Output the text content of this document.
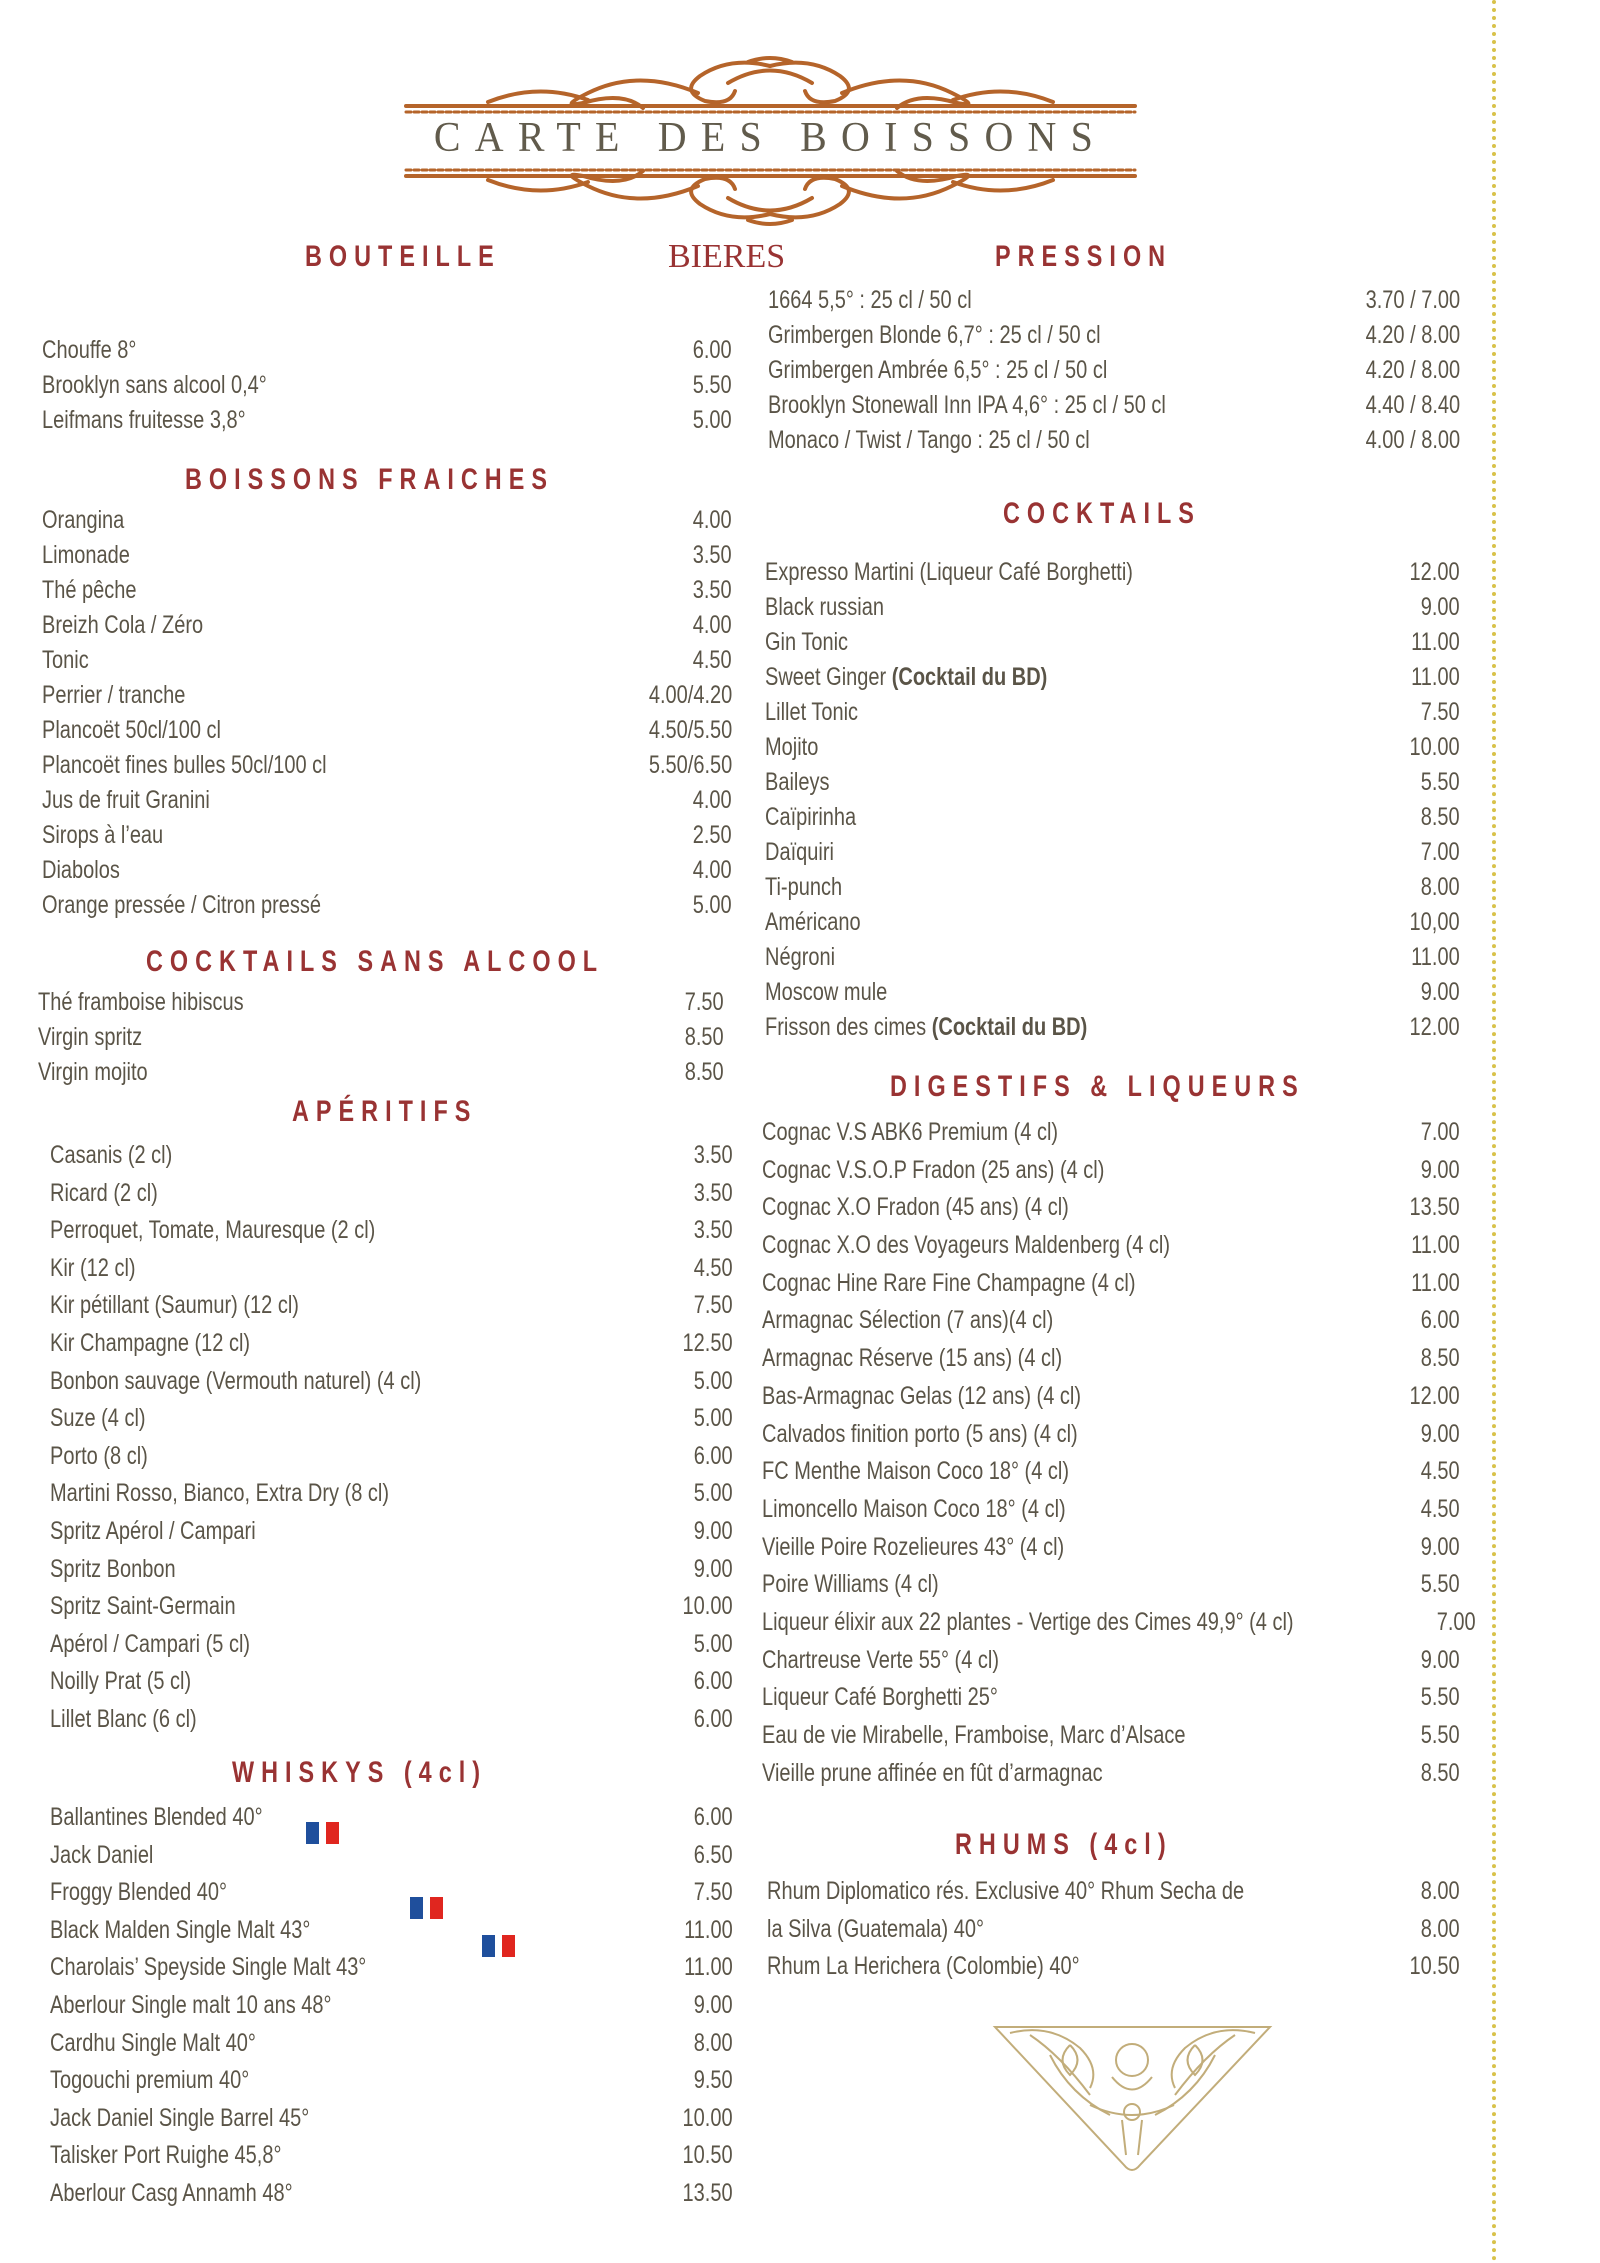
CARTE DES BOISSONS
BOUTEILLE	BIERES	PRESSION
Chouffe 8°	6.00
Brooklyn sans alcool 0,4°	5.50
Leifmans fruitesse 3,8°	5.00
1664 5,5° : 25 cl / 50 cl	3.70 / 7.00
Grimbergen Blonde 6,7° : 25 cl / 50 cl	4.20 / 8.00
Grimbergen Ambrée 6,5° : 25 cl / 50 cl	4.20 / 8.00
Brooklyn Stonewall Inn IPA 4,6° : 25 cl / 50 cl	4.40 / 8.40
Monaco / Twist / Tango : 25 cl / 50 cl	4.00 / 8.00
BOISSONS FRAICHES
Orangina	4.00
Limonade	3.50
Thé pêche	3.50
Breizh Cola / Zéro	4.00
Tonic	4.50
Perrier / tranche	4.00/4.20
Plancoët 50cl/100 cl	4.50/5.50
Plancoët fines bulles 50cl/100 cl	5.50/6.50
Jus de fruit Granini	4.00
Sirops à l’eau	2.50
Diabolos	4.00
Orange pressée / Citron pressé	5.00
COCKTAILS SANS ALCOOL
Thé framboise hibiscus	7.50
Virgin spritz	8.50
Virgin mojito	8.50
APÉRITIFS
Casanis (2 cl)	3.50
Ricard (2 cl)	3.50
Perroquet, Tomate, Mauresque (2 cl)	3.50
Kir (12 cl)	4.50
Kir pétillant (Saumur) (12 cl)	7.50
Kir Champagne (12 cl)	12.50
Bonbon sauvage (Vermouth naturel) (4 cl)	5.00
Suze (4 cl)	5.00
Porto (8 cl)	6.00
Martini Rosso, Bianco, Extra Dry (8 cl)	5.00
Spritz Apérol / Campari	9.00
Spritz Bonbon	9.00
Spritz Saint-Germain	10.00
Apérol / Campari (5 cl)	5.00
Noilly Prat (5 cl)	6.00
Lillet Blanc (6 cl)	6.00
WHISKYS (4cl)
Ballantines Blended 40°	6.00
Jack Daniel	6.50
Froggy Blended 40°	7.50
Black Malden Single Malt 43°	11.00
Charolais’ Speyside Single Malt 43°	11.00
Aberlour Single malt 10 ans 48°	9.00
Cardhu Single Malt 40°	8.00
Togouchi premium 40°	9.50
Jack Daniel Single Barrel 45°	10.00
Talisker Port Ruighe 45,8°	10.50
Aberlour Casg Annamh 48°	13.50
COCKTAILS
Expresso Martini (Liqueur Café Borghetti)	12.00
Black russian	9.00
Gin Tonic	11.00
Sweet Ginger (Cocktail du BD)	11.00
Lillet Tonic	7.50
Mojito	10.00
Baileys	5.50
Caïpirinha	8.50
Daïquiri	7.00
Ti-punch	8.00
Américano	10,00
Négroni	11.00
Moscow mule	9.00
Frisson des cimes (Cocktail du BD)	12.00
DIGESTIFS & LIQUEURS
Cognac V.S ABK6 Premium (4 cl)	7.00
Cognac V.S.O.P Fradon (25 ans) (4 cl)	9.00
Cognac X.O Fradon (45 ans) (4 cl)	13.50
Cognac X.O des Voyageurs Maldenberg (4 cl)	11.00
Cognac Hine Rare Fine Champagne (4 cl)	11.00
Armagnac Sélection (7 ans)(4 cl)	6.00
Armagnac Réserve (15 ans) (4 cl)	8.50
Bas-Armagnac Gelas (12 ans) (4 cl)	12.00
Calvados finition porto (5 ans) (4 cl)	9.00
FC Menthe Maison Coco 18° (4 cl)	4.50
Limoncello Maison Coco 18° (4 cl)	4.50
Vieille Poire Rozelieures 43° (4 cl)	9.00
Poire Williams (4 cl)	5.50
Liqueur élixir aux 22 plantes - Vertige des Cimes 49,9° (4 cl)	7.00
Chartreuse Verte 55° (4 cl)	9.00
Liqueur Café Borghetti 25°	5.50
Eau de vie Mirabelle, Framboise, Marc d’Alsace	5.50
Vieille prune affinée en fût d’armagnac	8.50
RHUMS (4cl)
Rhum Diplomatico rés. Exclusive 40° Rhum Secha de	8.00
la Silva (Guatemala) 40°	8.00
Rhum La Herichera (Colombie) 40°	10.50
